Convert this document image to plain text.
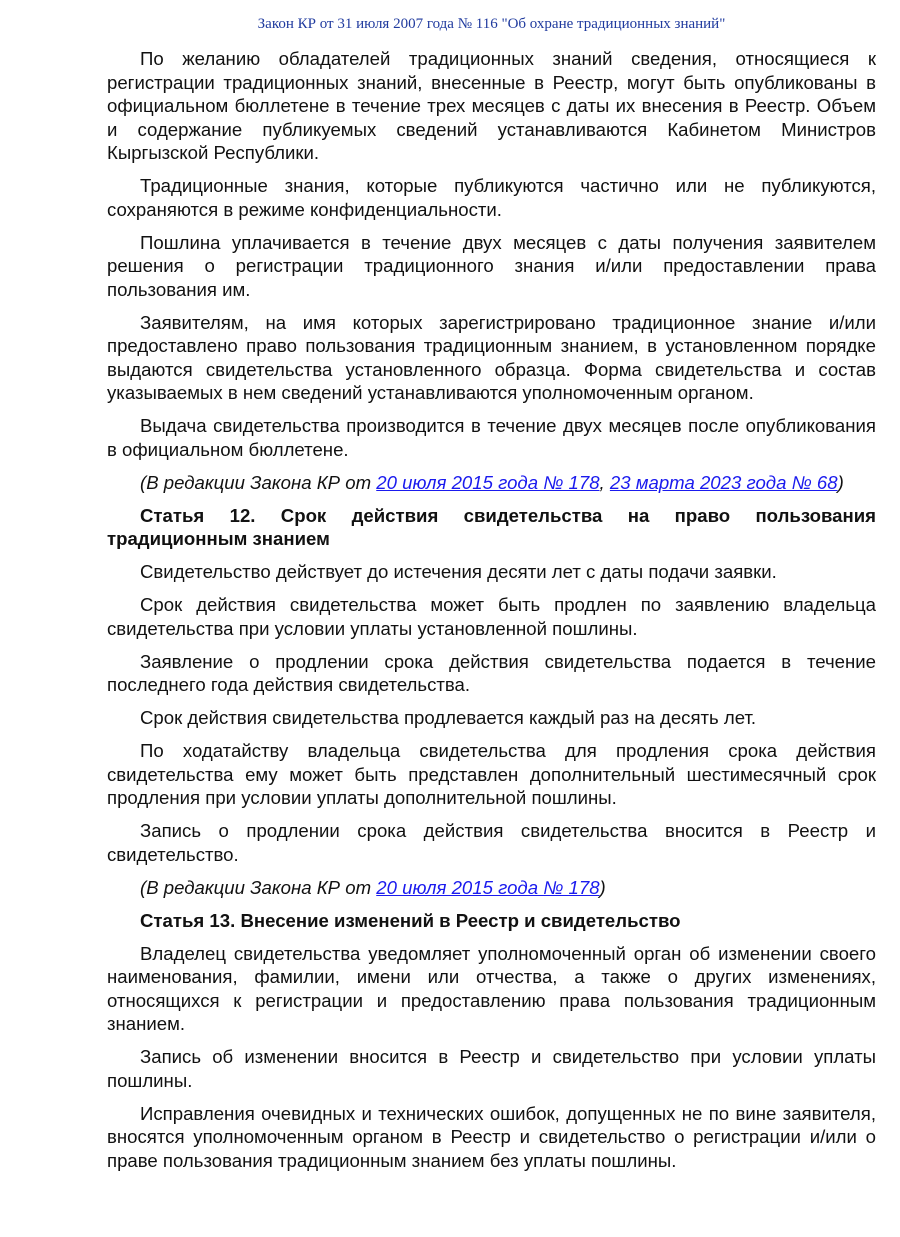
Закон КР от 31 июля 2007 года № 116 "Об охране традиционных знаний"

По желанию обладателей традиционных знаний сведения, относящиеся к регистрации традиционных знаний, внесенные в Реестр, могут быть опубликованы в официальном бюллетене в течение трех месяцев с даты их внесения в Реестр. Объем и содержание публикуемых сведений устанавливаются Кабинетом Министров Кыргызской Республики.

Традиционные знания, которые публикуются частично или не публикуются, сохраняются в режиме конфиденциальности.

Пошлина уплачивается в течение двух месяцев с даты получения заявителем решения о регистрации традиционного знания и/или предоставлении права пользования им.

Заявителям, на имя которых зарегистрировано традиционное знание и/или предоставлено право пользования традиционным знанием, в установленном порядке выдаются свидетельства установленного образца. Форма свидетельства и состав указываемых в нем сведений устанавливаются уполномоченным органом.

Выдача свидетельства производится в течение двух месяцев после опубликования в официальном бюллетене.

(В редакции Закона КР от 20 июля 2015 года № 178, 23 марта 2023 года № 68)

Статья 12. Срок действия свидетельства на право пользования традиционным знанием

Свидетельство действует до истечения десяти лет с даты подачи заявки.

Срок действия свидетельства может быть продлен по заявлению владельца свидетельства при условии уплаты установленной пошлины.

Заявление о продлении срока действия свидетельства подается в течение последнего года действия свидетельства.

Срок действия свидетельства продлевается каждый раз на десять лет.

По ходатайству владельца свидетельства для продления срока действия свидетельства ему может быть представлен дополнительный шестимесячный срок продления при условии уплаты дополнительной пошлины.

Запись о продлении срока действия свидетельства вносится в Реестр и свидетельство.

(В редакции Закона КР от 20 июля 2015 года № 178)

Статья 13. Внесение изменений в Реестр и свидетельство

Владелец свидетельства уведомляет уполномоченный орган об изменении своего наименования, фамилии, имени или отчества, а также о других изменениях, относящихся к регистрации и предоставлению права пользования традиционным знанием.

Запись об изменении вносится в Реестр и свидетельство при условии уплаты пошлины.

Исправления очевидных и технических ошибок, допущенных не по вине заявителя, вносятся уполномоченным органом в Реестр и свидетельство о регистрации и/или о праве пользования традиционным знанием без уплаты пошлины.
